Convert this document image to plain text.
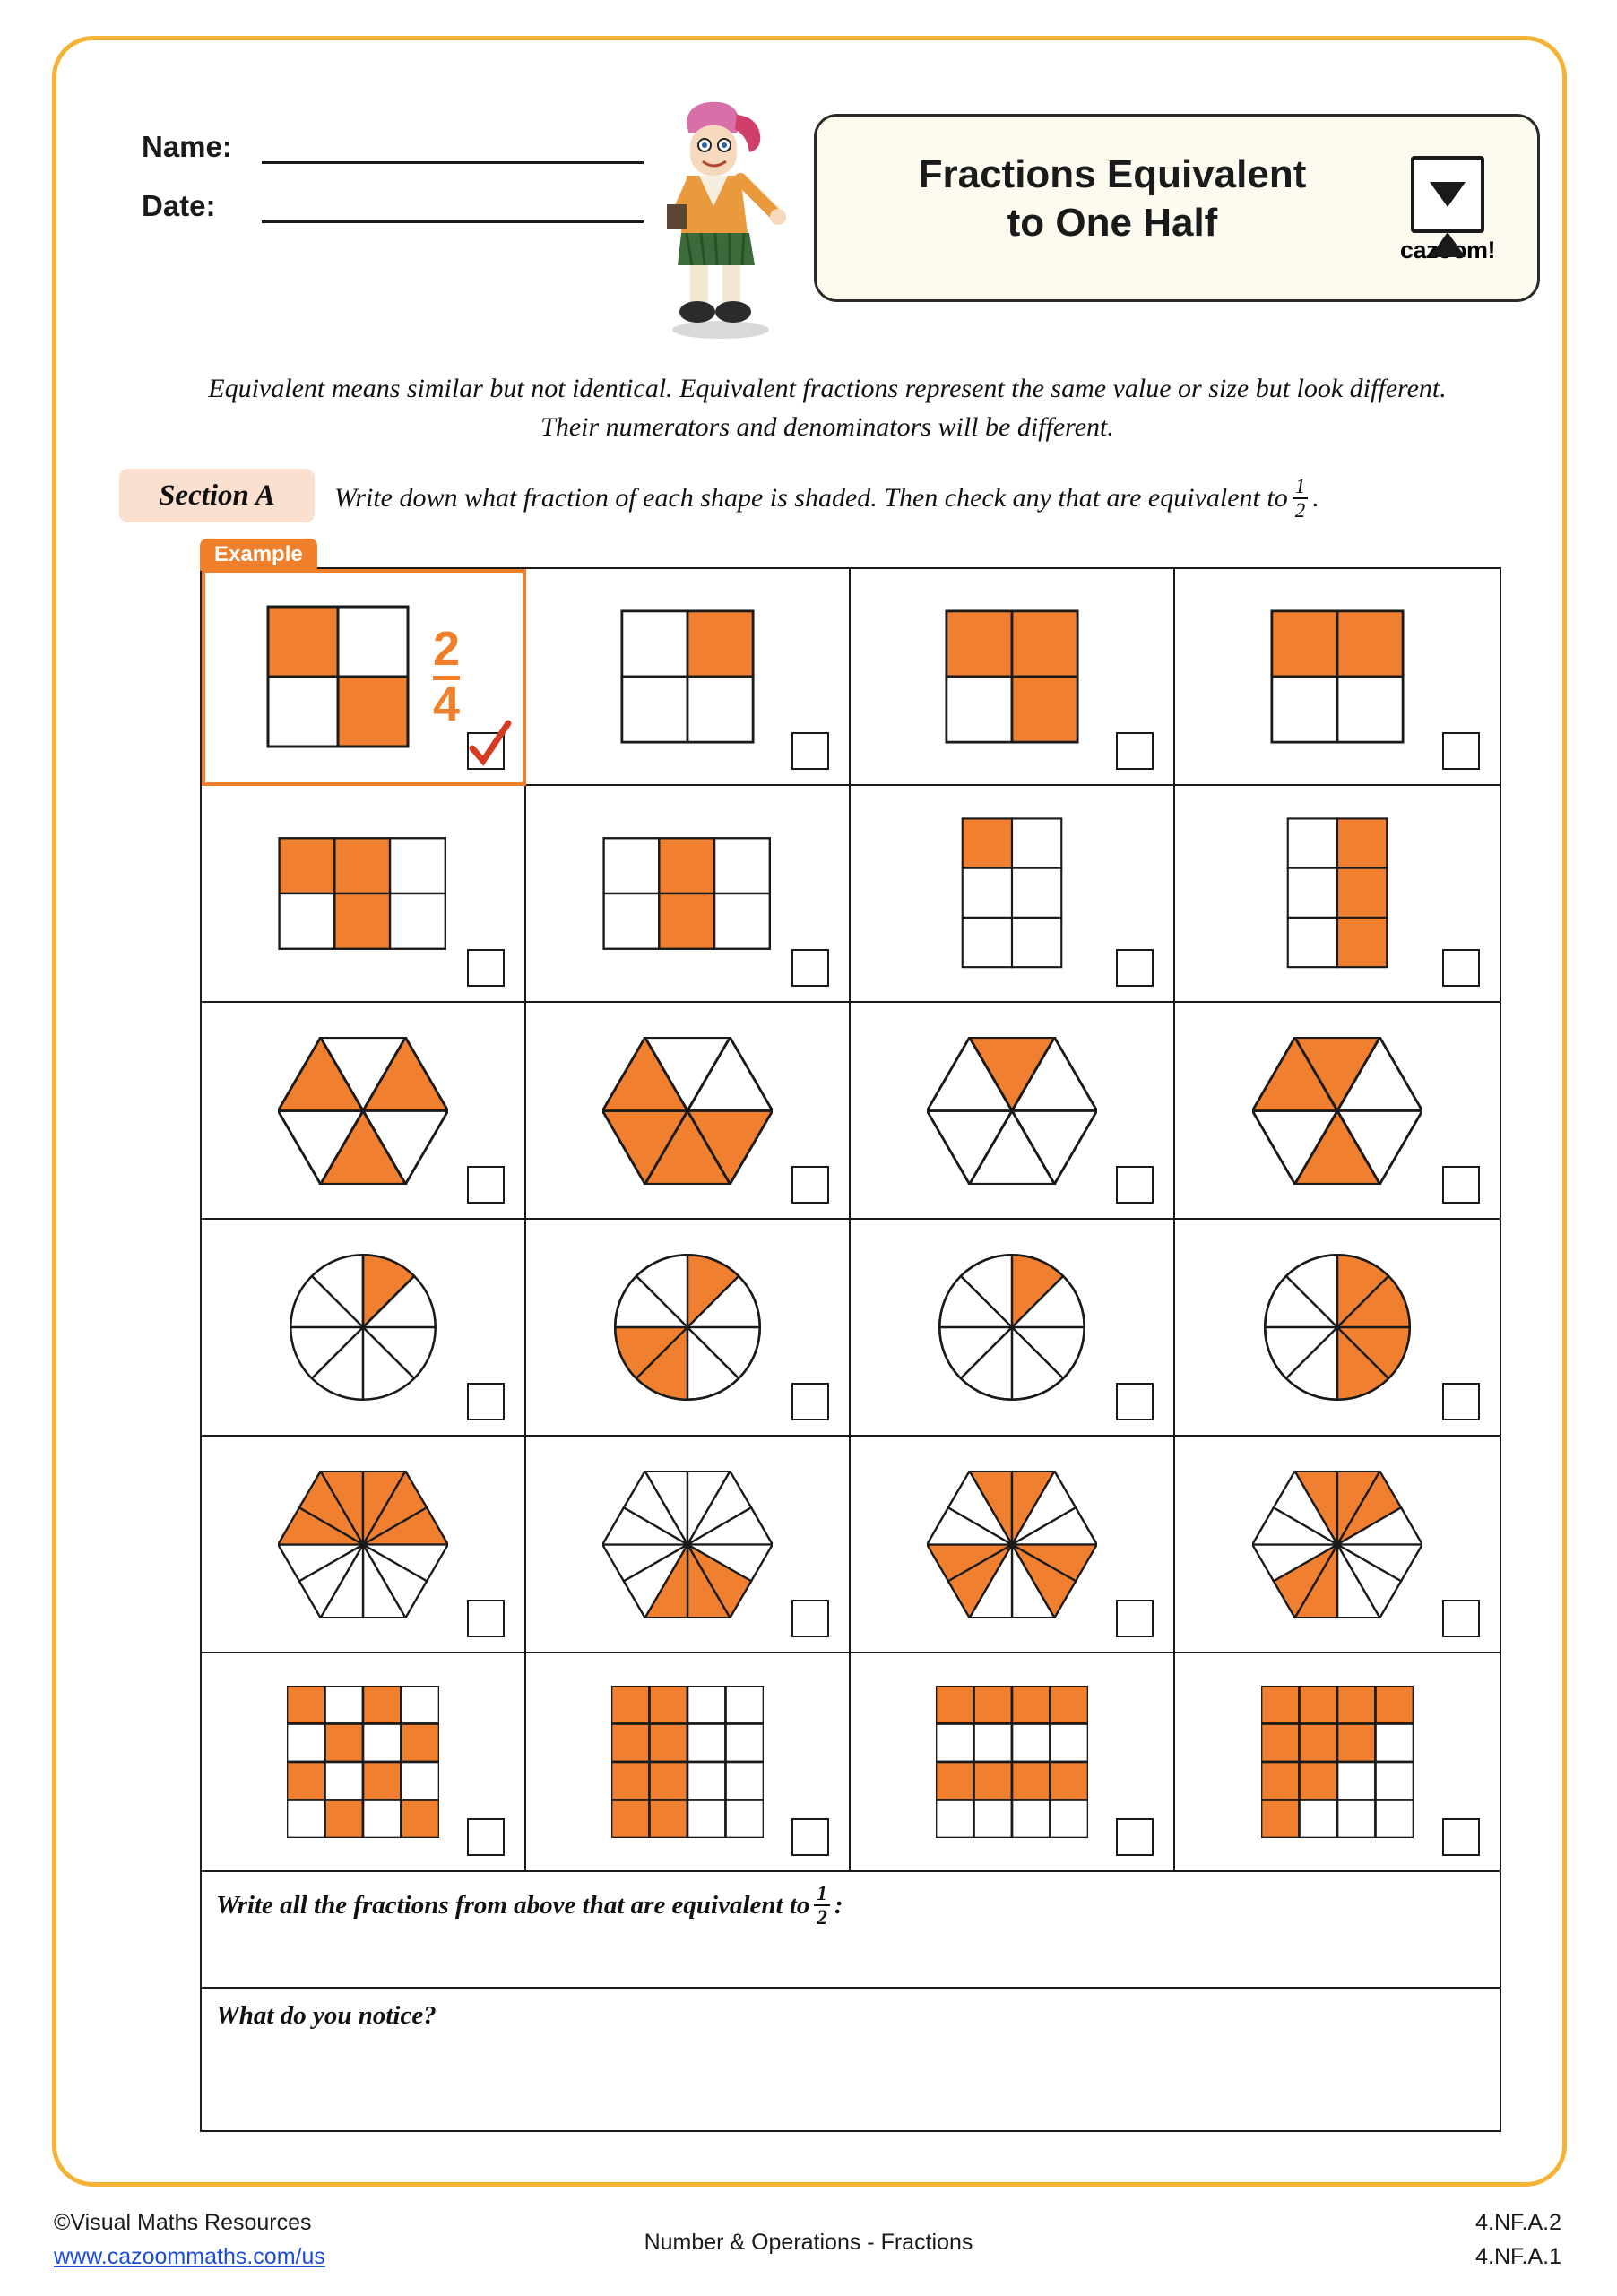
Name:
Date:
Fractions Equivalent
to One Half
cazoom!
Equivalent means similar but not identical. Equivalent fractions represent the same value or size but look different. Their numerators and denominators will be different.
Section A	Write down what fraction of each shape is shaded. Then check any that are equivalent to $\frac{1}{2}$ .
Example
$\frac{2}{4}$
Write all the fractions from above that are equivalent to $\frac{1}{2}$ :
What do you notice?
©Visual Maths Resources
www.cazoommaths.com/us
Number & Operations - Fractions
4.NF.A.2
4.NF.A.1
